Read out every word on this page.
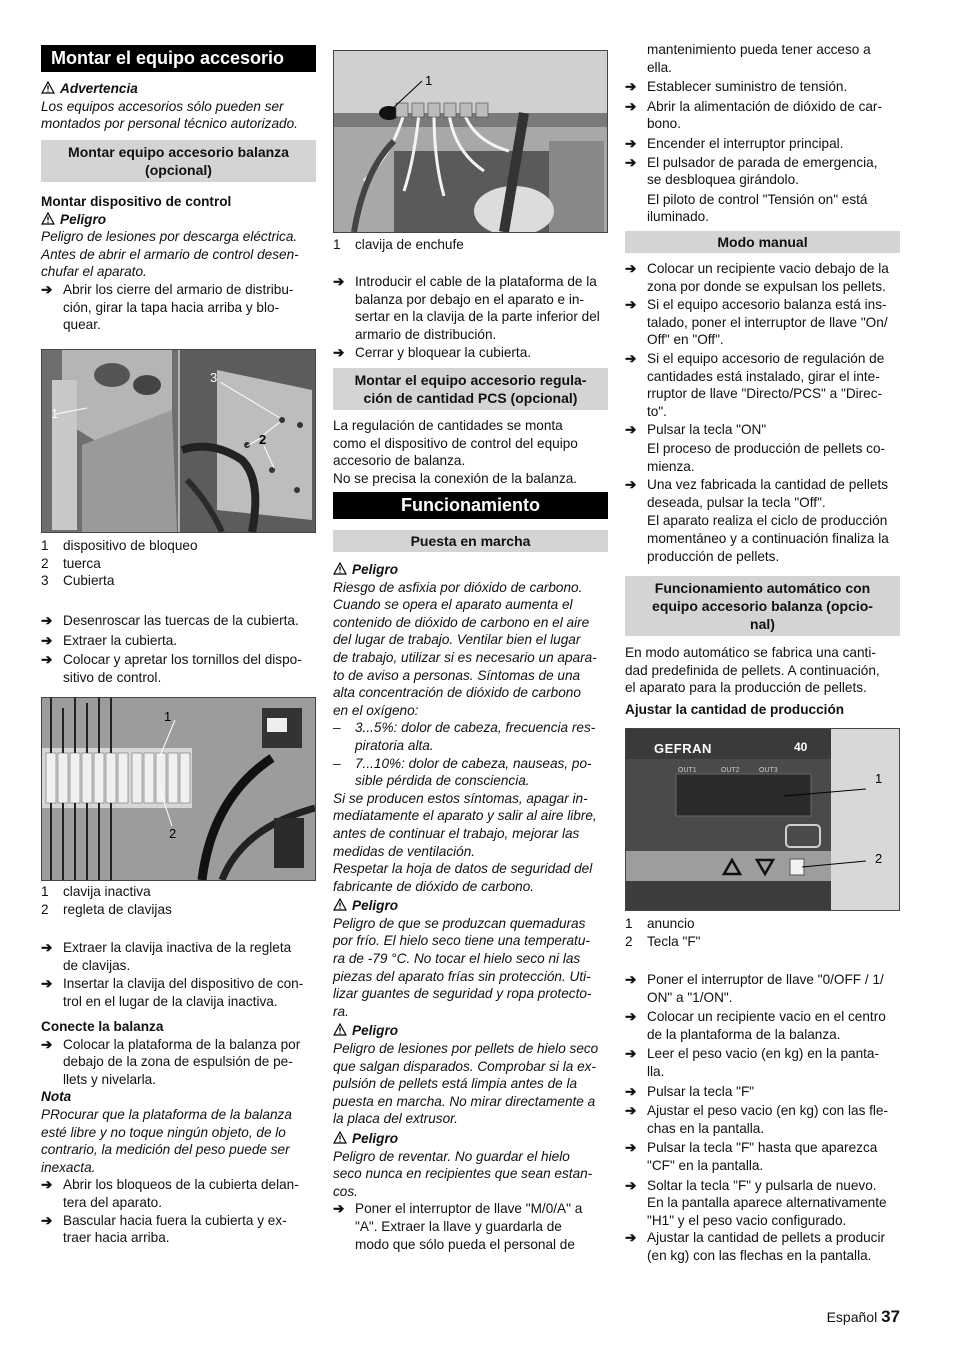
Montar el equipo accesorio
Advertencia
Los equipos accesorios sólo pueden ser
montados por personal técnico autorizado.
Montar equipo accesorio balanza
(opcional)
Montar dispositivo de control
Peligro
Peligro de lesiones por descarga eléctrica.
Antes de abrir el armario de control desen-
chufar el aparato.
➔ Abrir los cierre del armario de distribu-
ción, girar la tapa hacia arriba y blo-
quear.
1
3
2
1	dispositivo de bloqueo
2	tuerca
3	Cubierta
➔ Desenroscar las tuercas de la cubierta.
➔ Extraer la cubierta.
➔ Colocar y apretar los tornillos del dispo-
sitivo de control.
1
2
1	clavija inactiva
2	regleta de clavijas
➔ Extraer la clavija inactiva de la regleta
de clavijas.
➔ Insertar la clavija del dispositivo de con-
trol en el lugar de la clavija inactiva.
Conecte la balanza
➔ Colocar la plataforma de la balanza por
debajo de la zona de espulsión de pe-
llets y nivelarla.
Nota
PRocurar que la plataforma de la balanza
esté libre y no toque ningún objeto, de lo
contrario, la medición del peso puede ser
inexacta.
➔ Abrir los bloqueos de la cubierta delan-
tera del aparato.
➔ Bascular hacia fuera la cubierta y ex-
traer hacia arriba.
1
1	clavija de enchufe
➔ Introducir el cable de la plataforma de la
balanza por debajo en el aparato e in-
sertar en la clavija de la parte inferior del
armario de distribución.
➔ Cerrar y bloquear la cubierta.
Montar el equipo accesorio regula-
ción de cantidad PCS (opcional)
La regulación de cantidades se monta
como el dispositivo de control del equipo
accesorio de balanza.
No se precisa la conexión de la balanza.
Funcionamiento
Puesta en marcha
Peligro
Riesgo de asfixia por dióxido de carbono.
Cuando se opera el aparato aumenta el
contenido de dióxido de carbono en el aire
del lugar de trabajo. Ventilar bien el lugar
de trabajo, utilizar si es necesario un apara-
to de aviso a personas. Síntomas de una
alta concentración de dióxido de carbono
en el oxígeno:
– 3...5%: dolor de cabeza, frecuencia res-
piratoria alta.
– 7...10%: dolor de cabeza, nauseas, po-
sible pérdida de consciencia.
Si se producen estos síntomas, apagar in-
mediatamente el aparato y salir al aire libre,
antes de continuar el trabajo, mejorar las
medidas de ventilación.
Respetar la hoja de datos de seguridad del
fabricante de dióxido de carbono.
Peligro
Peligro de que se produzcan quemaduras
por frío. El hielo seco tiene una temperatu-
ra de -79 °C. No tocar el hielo seco ni las
piezas del aparato frías sin protección. Uti-
lizar guantes de seguridad y ropa protecto-
ra.
Peligro
Peligro de lesiones por pellets de hielo seco
que salgan disparados. Comprobar si la ex-
pulsión de pellets está limpia antes de la
puesta en marcha. No mirar directamente a
la placa del extrusor.
Peligro
Peligro de reventar. No guardar el hielo
seco nunca en recipientes que sean estan-
cos.
➔ Poner el interruptor de llave "M/0/A" a
"A". Extraer la llave y guardarla de
modo que sólo pueda el personal de
mantenimiento pueda tener acceso a
ella.
➔ Establecer suministro de tensión.
➔ Abrir la alimentación de dióxido de car-
bono.
➔ Encender el interruptor principal.
➔ El pulsador de parada de emergencia,
se desbloquea girándolo.
El piloto de control "Tensión on" está
iluminado.
Modo manual
➔ Colocar un recipiente vacio debajo de la
zona por donde se expulsan los pellets.
➔ Si el equipo accesorio balanza está ins-
talado, poner el interruptor de llave "On/
Off" en "Off".
➔ Si el equipo accesorio de regulación de
cantidades está instalado, girar el inte-
rruptor de llave "Directo/PCS" a "Direc-
to".
➔ Pulsar la tecla "ON"
El proceso de producción de pellets co-
mienza.
➔ Una vez fabricada la cantidad de pellets
deseada, pulsar la tecla "Off".
El aparato realiza el ciclo de producción
momentáneo y a continuación finaliza la
producción de pellets.
Funcionamiento automático con
equipo accesorio balanza (opcio-
nal)
En modo automático se fabrica una canti-
dad predefinida de pellets. A continuación,
el aparato para la producción de pellets.
Ajustar la cantidad de producción
GEFRAN	40
OUT1	OUT2	OUT3
1
2
1	anuncio
2	Tecla "F"
➔ Poner el interruptor de llave "0/OFF / 1/
ON" a "1/ON".
➔ Colocar un recipiente vacio en el centro
de la plantaforma de la balanza.
➔ Leer el peso vacio (en kg) en la panta-
lla.
➔ Pulsar la tecla "F"
➔ Ajustar el peso vacio (en kg) con las fle-
chas en la pantalla.
➔ Pulsar la tecla "F" hasta que aparezca
"CF" en la pantalla.
➔ Soltar la tecla "F" y pulsarla de nuevo.
En la pantalla aparece alternativamente
"H1" y el peso vacio configurado.
➔ Ajustar la cantidad de pellets a producir
(en kg) con las flechas en la pantalla.
Español 37
